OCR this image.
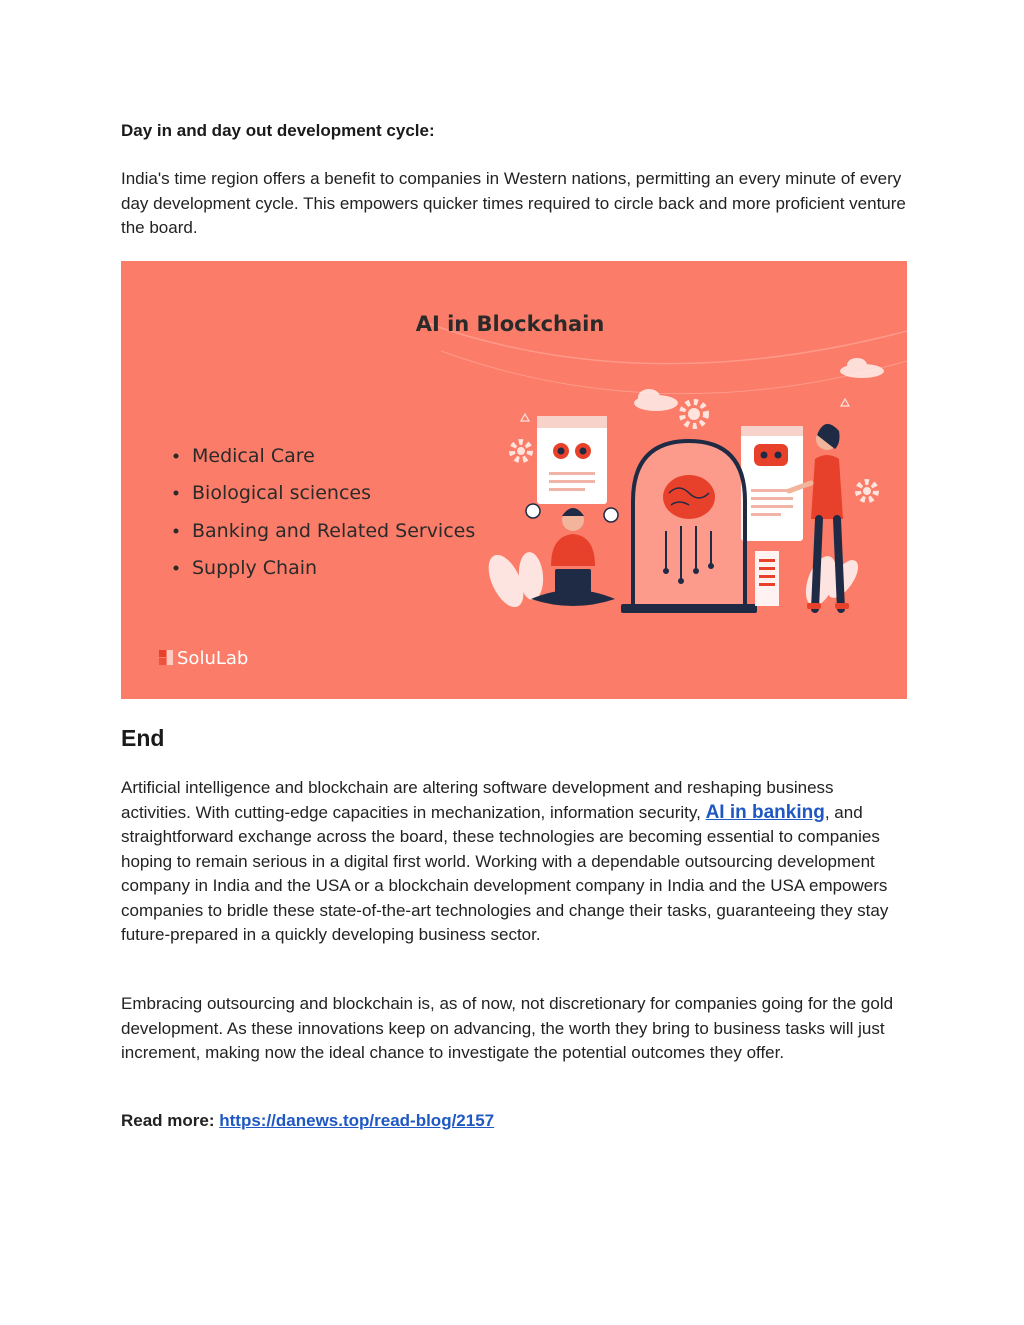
Day in and day out development cycle:

India's time region offers a benefit to companies in Western nations, permitting an every minute of every day development cycle. This empowers quicker times required to circle back and more proficient venture the board.

AI in Blockchain
Medical Care
Biological sciences
Banking and Related Services
Supply Chain
SoluLab
End

Artificial intelligence and blockchain are altering software development and reshaping business activities. With cutting-edge capacities in mechanization, information security, AI in banking, and straightforward exchange across the board, these technologies are becoming essential to companies hoping to remain serious in a digital first world. Working with a dependable outsourcing development company in India and the USA or a blockchain development company in India and the USA empowers companies to bridle these state-of-the-art technologies and change their tasks, guaranteeing they stay future-prepared in a quickly developing business sector.

Embracing outsourcing and blockchain is, as of now, not discretionary for companies going for the gold development. As these innovations keep on advancing, the worth they bring to business tasks will just increment, making now the ideal chance to investigate the potential outcomes they offer.

Read more: https://danews.top/read-blog/2157
